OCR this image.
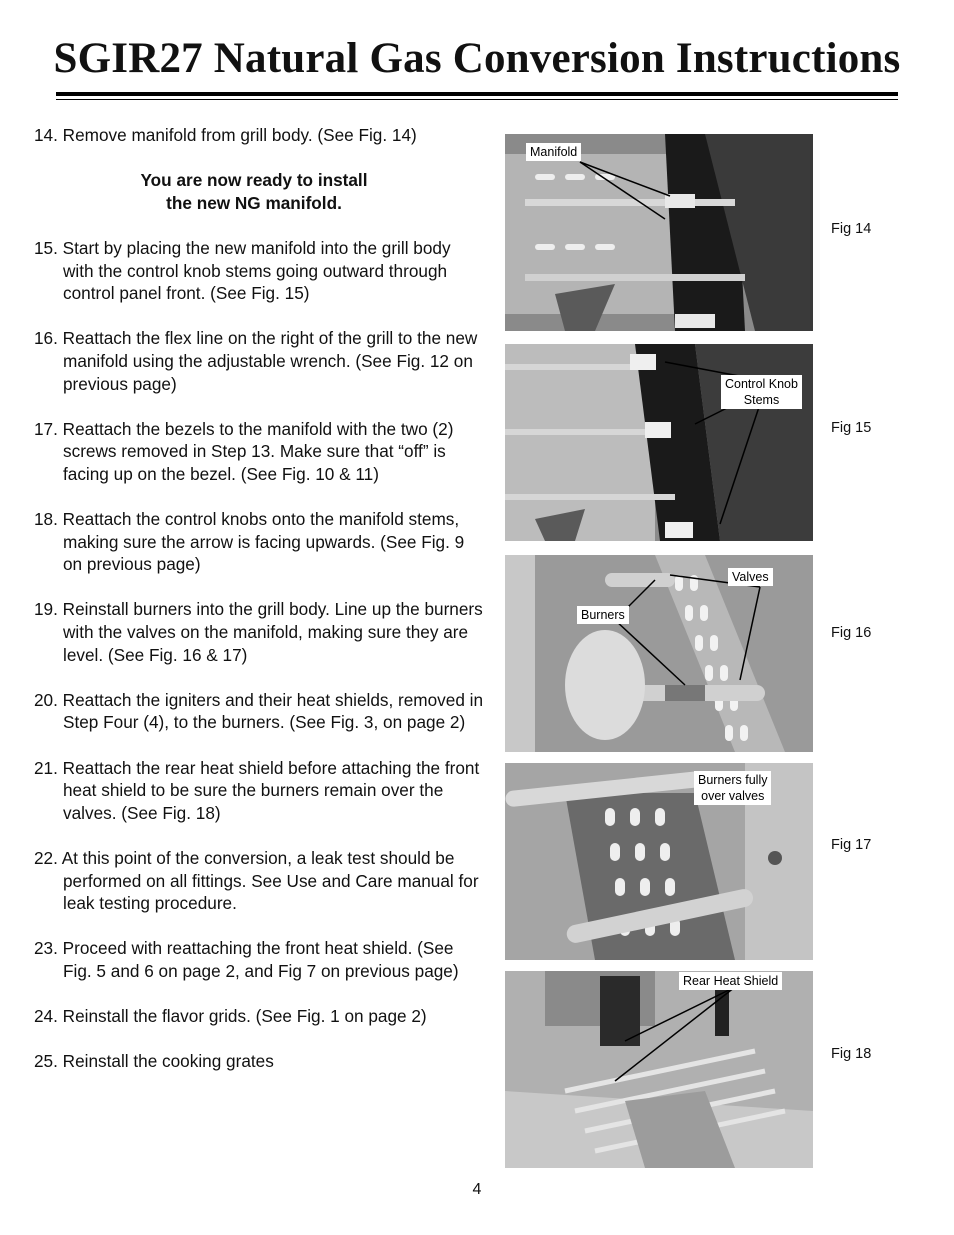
SGIR27 Natural Gas Conversion Instructions
14. Remove manifold from grill body. (See Fig. 14)
You are now ready to install
the new NG manifold.
15. Start by placing the new manifold into the grill body with the control knob stems going outward through control panel front. (See Fig. 15)
16. Reattach the flex line on the right of the grill to the new manifold using the adjustable wrench. (See Fig. 12 on previous page)
17. Reattach the bezels to the manifold with the two (2) screws removed in Step 13. Make sure that “off” is facing up on the bezel. (See Fig. 10 & 11)
18. Reattach the control knobs onto the manifold stems, making sure the arrow is facing upwards. (See Fig. 9 on previous page)
19. Reinstall burners into the grill body. Line up the burners with the valves on the manifold, making sure they are level. (See Fig. 16 & 17)
20. Reattach the igniters and their heat shields, removed in Step Four (4), to the burners. (See Fig. 3, on page 2)
21. Reattach the rear heat shield before attaching the front heat shield to be sure the burners remain over the valves. (See Fig. 18)
22. At this point of the conversion, a leak test should be performed on all fittings. See Use and Care manual for leak testing procedure.
23. Proceed with reattaching the front heat shield. (See Fig. 5 and 6 on page 2, and Fig 7 on previous page)
24. Reinstall the flavor grids. (See Fig. 1 on page 2)
25. Reinstall the cooking grates
Manifold
Fig 14
Control Knob
Stems
Fig 15
Valves
Burners
Fig 16
Burners fully
over valves
Fig 17
Rear Heat Shield
Fig 18
4
